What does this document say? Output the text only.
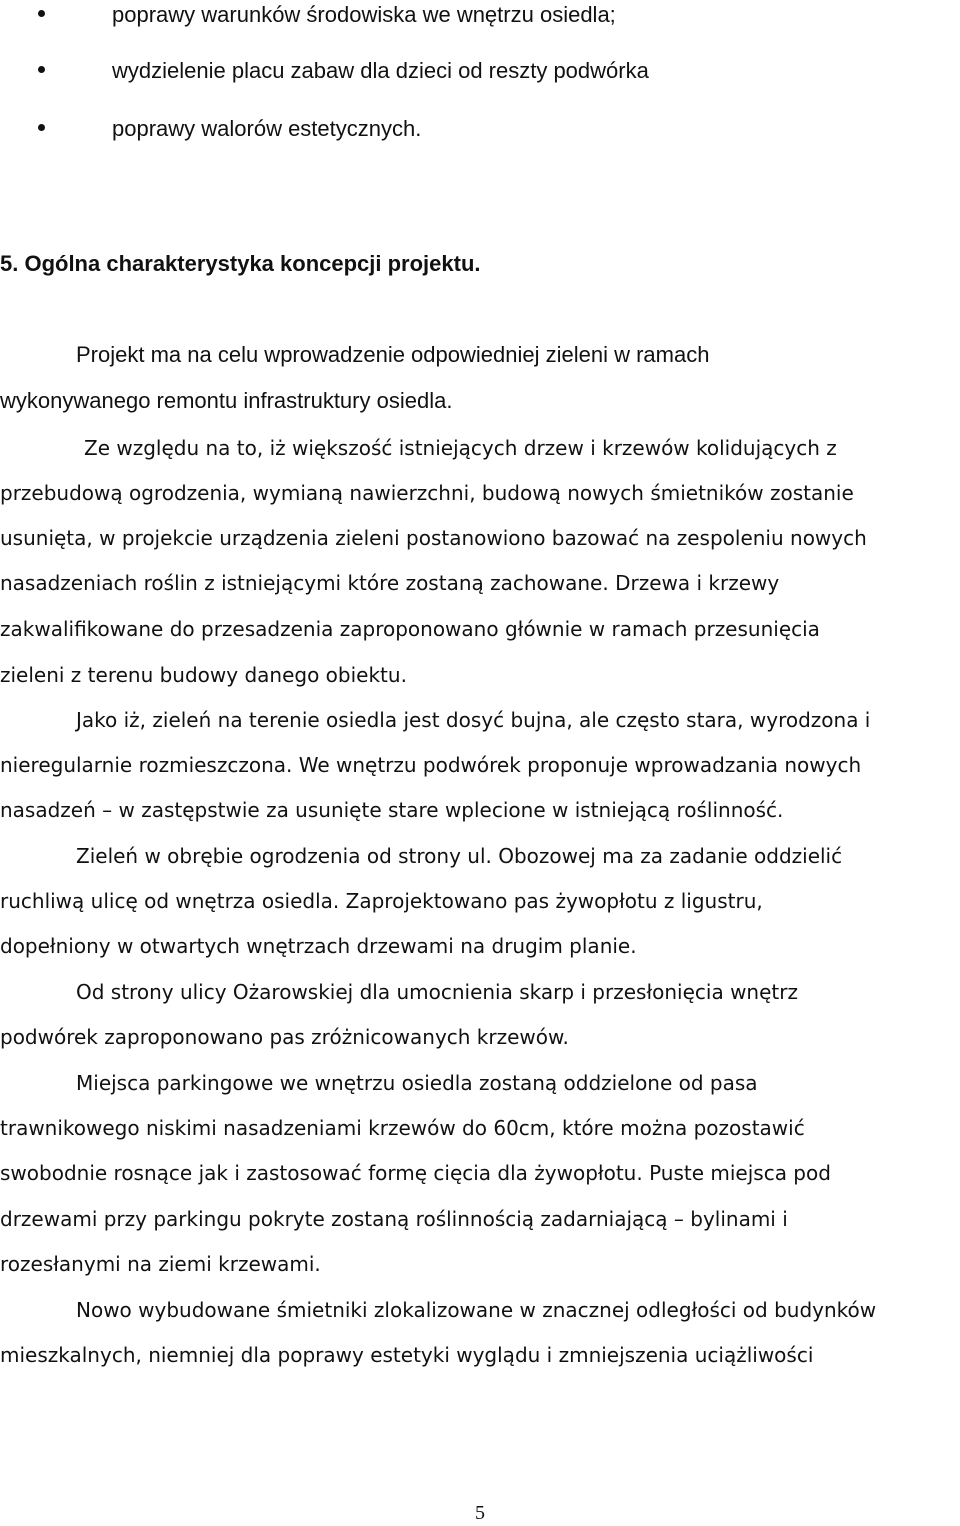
poprawy warunków środowiska we wnętrzu osiedla;
wydzielenie placu zabaw dla dzieci od reszty podwórka
poprawy walorów estetycznych.
5. Ogólna charakterystyka koncepcji projektu.
Projekt ma na celu wprowadzenie odpowiedniej zieleni w ramach
wykonywanego remontu infrastruktury osiedla.
Ze względu na to, iż większość istniejących drzew i krzewów kolidujących z
przebudową ogrodzenia, wymianą nawierzchni, budową nowych śmietników zostanie
usunięta, w projekcie urządzenia zieleni postanowiono bazować na zespoleniu nowych
nasadzeniach roślin z istniejącymi które zostaną zachowane. Drzewa i krzewy
zakwalifikowane do przesadzenia zaproponowano głównie w ramach przesunięcia
zieleni z terenu budowy danego obiektu.
Jako iż, zieleń na terenie osiedla jest dosyć bujna, ale często stara, wyrodzona i
nieregularnie rozmieszczona. We wnętrzu podwórek proponuje wprowadzania nowych
nasadzeń – w zastępstwie za usunięte stare wplecione w istniejącą roślinność.
Zieleń w obrębie ogrodzenia od strony ul. Obozowej ma za zadanie oddzielić
ruchliwą ulicę od wnętrza osiedla. Zaprojektowano pas żywopłotu z ligustru,
dopełniony w otwartych wnętrzach drzewami na drugim planie.
Od strony ulicy Ożarowskiej dla umocnienia skarp i przesłonięcia wnętrz
podwórek zaproponowano pas zróżnicowanych krzewów.
Miejsca parkingowe we wnętrzu osiedla zostaną oddzielone od pasa
trawnikowego niskimi nasadzeniami krzewów do 60cm, które można pozostawić
swobodnie rosnące jak i zastosować formę cięcia dla żywopłotu. Puste miejsca pod
drzewami przy parkingu pokryte zostaną roślinnością zadarniającą – bylinami i
rozesłanymi na ziemi krzewami.
Nowo wybudowane śmietniki zlokalizowane w znacznej odległości od budynków
mieszkalnych, niemniej dla poprawy estetyki wyglądu i zmniejszenia uciążliwości
5
